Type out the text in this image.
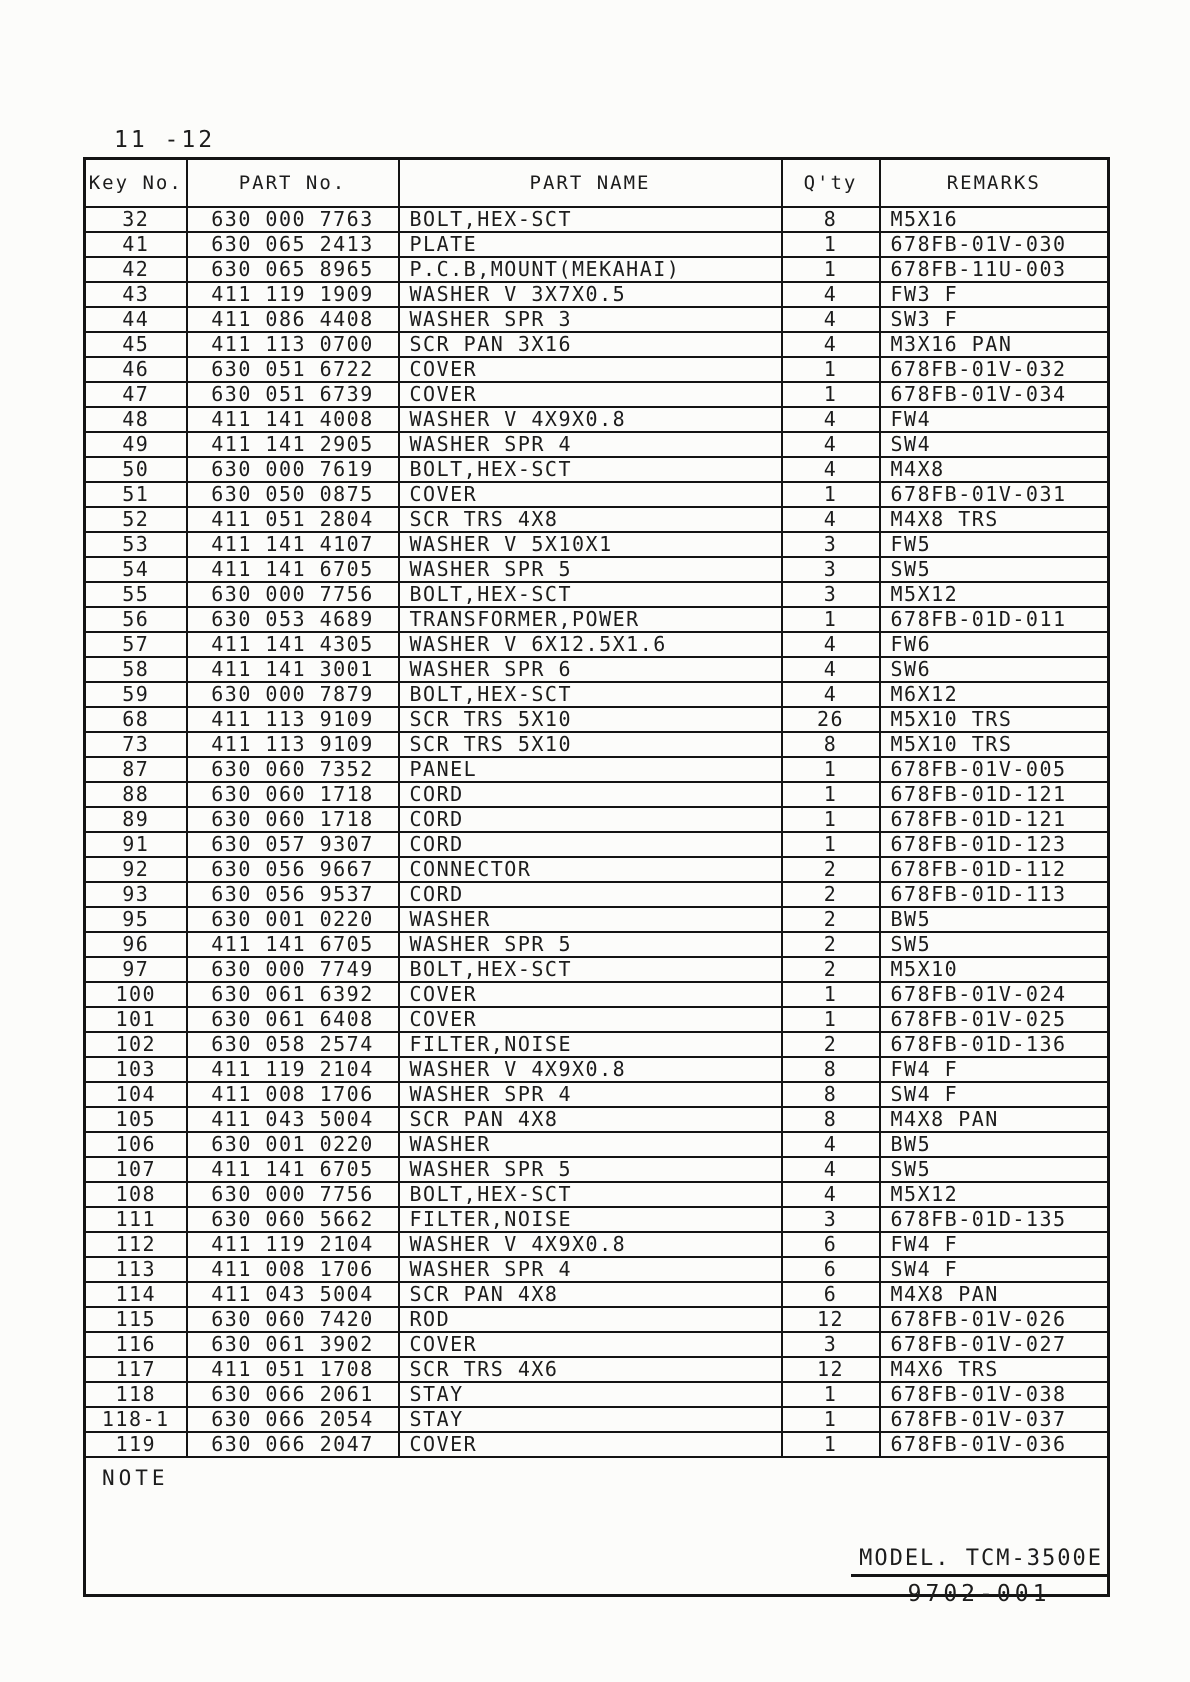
11 -12
Key No.	PART No.	PART NAME	Q'ty	REMARKS
32	630 000 7763	BOLT,HEX-SCT	8	M5X16
41	630 065 2413	PLATE	1	678FB-01V-030
42	630 065 8965	P.C.B,MOUNT(MEKAHAI)	1	678FB-11U-003
43	411 119 1909	WASHER V 3X7X0.5	4	FW3 F
44	411 086 4408	WASHER SPR 3	4	SW3 F
45	411 113 0700	SCR PAN 3X16	4	M3X16 PAN
46	630 051 6722	COVER	1	678FB-01V-032
47	630 051 6739	COVER	1	678FB-01V-034
48	411 141 4008	WASHER V 4X9X0.8	4	FW4
49	411 141 2905	WASHER SPR 4	4	SW4
50	630 000 7619	BOLT,HEX-SCT	4	M4X8
51	630 050 0875	COVER	1	678FB-01V-031
52	411 051 2804	SCR TRS 4X8	4	M4X8 TRS
53	411 141 4107	WASHER V 5X10X1	3	FW5
54	411 141 6705	WASHER SPR 5	3	SW5
55	630 000 7756	BOLT,HEX-SCT	3	M5X12
56	630 053 4689	TRANSFORMER,POWER	1	678FB-01D-011
57	411 141 4305	WASHER V 6X12.5X1.6	4	FW6
58	411 141 3001	WASHER SPR 6	4	SW6
59	630 000 7879	BOLT,HEX-SCT	4	M6X12
68	411 113 9109	SCR TRS 5X10	26	M5X10 TRS
73	411 113 9109	SCR TRS 5X10	8	M5X10 TRS
87	630 060 7352	PANEL	1	678FB-01V-005
88	630 060 1718	CORD	1	678FB-01D-121
89	630 060 1718	CORD	1	678FB-01D-121
91	630 057 9307	CORD	1	678FB-01D-123
92	630 056 9667	CONNECTOR	2	678FB-01D-112
93	630 056 9537	CORD	2	678FB-01D-113
95	630 001 0220	WASHER	2	BW5
96	411 141 6705	WASHER SPR 5	2	SW5
97	630 000 7749	BOLT,HEX-SCT	2	M5X10
100	630 061 6392	COVER	1	678FB-01V-024
101	630 061 6408	COVER	1	678FB-01V-025
102	630 058 2574	FILTER,NOISE	2	678FB-01D-136
103	411 119 2104	WASHER V 4X9X0.8	8	FW4 F
104	411 008 1706	WASHER SPR 4	8	SW4 F
105	411 043 5004	SCR PAN 4X8	8	M4X8 PAN
106	630 001 0220	WASHER	4	BW5
107	411 141 6705	WASHER SPR 5	4	SW5
108	630 000 7756	BOLT,HEX-SCT	4	M5X12
111	630 060 5662	FILTER,NOISE	3	678FB-01D-135
112	411 119 2104	WASHER V 4X9X0.8	6	FW4 F
113	411 008 1706	WASHER SPR 4	6	SW4 F
114	411 043 5004	SCR PAN 4X8	6	M4X8 PAN
115	630 060 7420	ROD	12	678FB-01V-026
116	630 061 3902	COVER	3	678FB-01V-027
117	411 051 1708	SCR TRS 4X6	12	M4X6 TRS
118	630 066 2061	STAY	1	678FB-01V-038
118-1	630 066 2054	STAY	1	678FB-01V-037
119	630 066 2047	COVER	1	678FB-01V-036
NOTE				
MODEL. TCM-3500E
9702-001
